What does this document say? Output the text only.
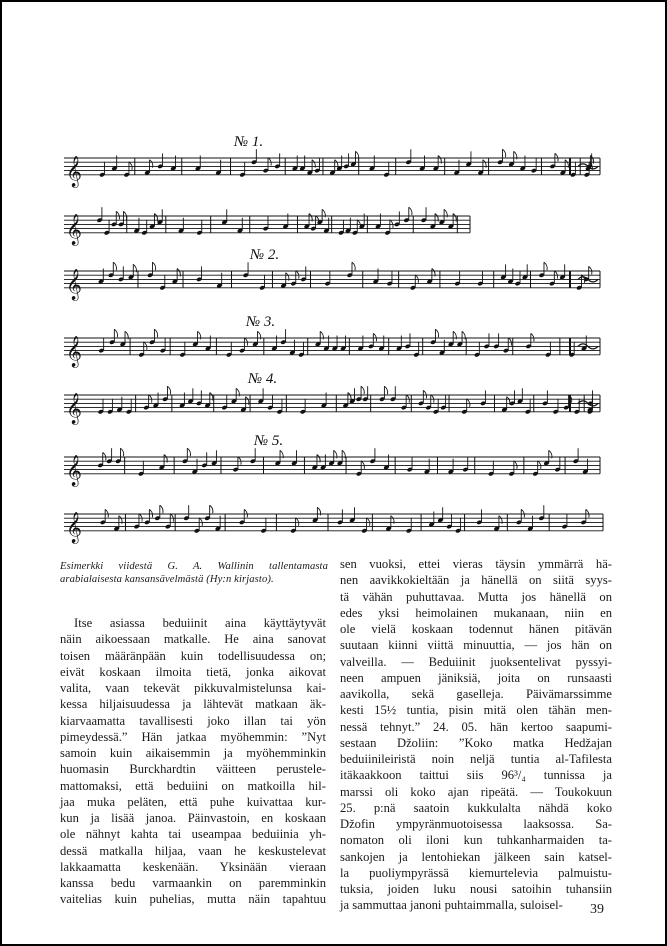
№ 1.
𝄞
𝄞
№ 2.
𝄞
№ 3.
𝄞
№ 4.
𝄞
№ 5.
𝄞
𝄞
Esimerkki viidestä G. A. Wallinin tallentamasta
arabialaisesta kansansävelmästä (Hy:n kirjasto).
Itse asiassa beduiinit aina käyttäytyvät
näin aikoessaan matkalle. He aina sanovat
toisen määränpään kuin todellisuudessa on;
eivät koskaan ilmoita tietä, jonka aikovat
valita, vaan tekevät pikkuvalmistelunsa kai-
kessa hiljaisuudessa ja lähtevät matkaan äk-
kiarvaamatta tavallisesti joko illan tai yön
pimeydessä.” Hän jatkaa myöhemmin: ”Nyt
samoin kuin aikaisemmin ja myöhemminkin
huomasin Burckhardtin väitteen perustele-
mattomaksi, että beduiini on matkoilla hil-
jaa muka peläten, että puhe kuivattaa kur-
kun ja lisää janoa. Päinvastoin, en koskaan
ole nähnyt kahta tai useampaa beduiinia yh-
dessä matkalla hiljaa, vaan he keskustelevat
lakkaamatta keskenään. Yksinään vieraan
kanssa bedu varmaankin on paremminkin
vaitelias kuin puhelias, mutta näin tapahtuu
sen vuoksi, ettei vieras täysin ymmärrä hä-
nen aavikkokieltään ja hänellä on siitä syys-
tä vähän puhuttavaa. Mutta jos hänellä on
edes yksi heimolainen mukanaan, niin en
ole vielä koskaan todennut hänen pitävän
suutaan kiinni viittä minuuttia, — jos hän on
valveilla. — Beduiinit juoksentelivat pyssyi-
neen ampuen jäniksiä, joita on runsaasti
aavikolla, sekä gaselleja. Päivämarssimme
kesti 15½ tuntia, pisin mitä olen tähän men-
nessä tehnyt.” 24. 05. hän kertoo saapumi-
sestaan Džoliin: ”Koko matka Hedžajan
beduiinileiristä noin neljä tuntia al-Tafilesta
itäkaakkoon taittui siis 96³/₄ tunnissa ja
marssi oli koko ajan ripeätä. — Toukokuun
25. p:nä saatoin kukkulalta nähdä koko
Džofin ympyränmuotoisessa laaksossa. Sa-
nomaton oli iloni kun tuhkanharmaiden ta-
sankojen ja lentohiekan jälkeen sain katsel-
la puoliympyrässä kiemurtelevia palmuistu-
tuksia, joiden luku nousi satoihin tuhansiin
ja sammuttaa janoni puhtaimmalla, suloisel-	39
